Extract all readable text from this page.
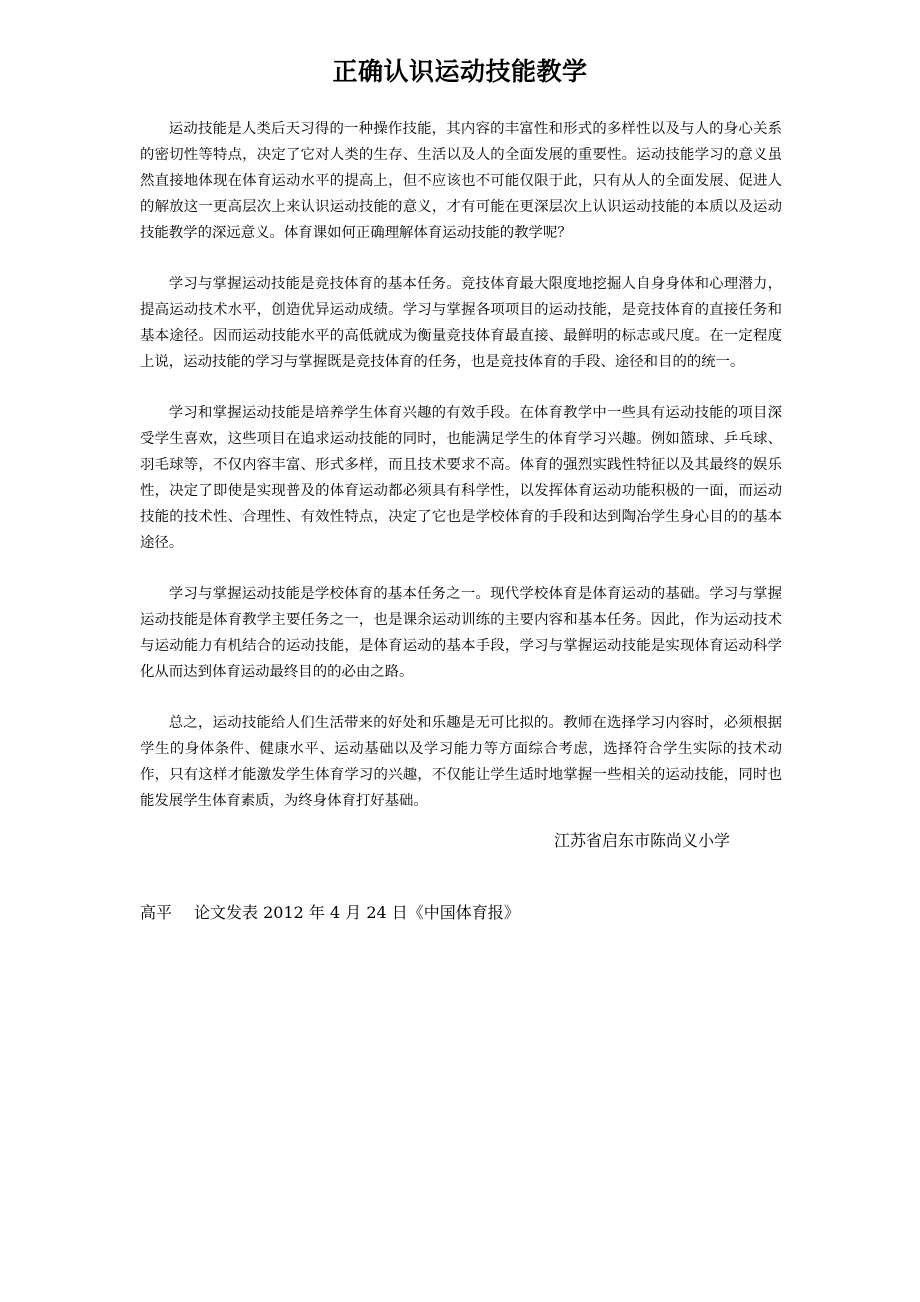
正确认识运动技能教学

运动技能是人类后天习得的一种操作技能，其内容的丰富性和形式的多样性以及与人的身心关系的密切性等特点，决定了它对人类的生存、生活以及人的全面发展的重要性。运动技能学习的意义虽然直接地体现在体育运动水平的提高上，但不应该也不可能仅限于此，只有从人的全面发展、促进人的解放这一更高层次上来认识运动技能的意义，才有可能在更深层次上认识运动技能的本质以及运动技能教学的深远意义。体育课如何正确理解体育运动技能的教学呢？

学习与掌握运动技能是竞技体育的基本任务。竞技体育最大限度地挖掘人自身身体和心理潜力，提高运动技术水平，创造优异运动成绩。学习与掌握各项项目的运动技能，是竞技体育的直接任务和基本途径。因而运动技能水平的高低就成为衡量竞技体育最直接、最鲜明的标志或尺度。在一定程度上说，运动技能的学习与掌握既是竞技体育的任务，也是竞技体育的手段、途径和目的的统一。

学习和掌握运动技能是培养学生体育兴趣的有效手段。在体育教学中一些具有运动技能的项目深受学生喜欢，这些项目在追求运动技能的同时，也能满足学生的体育学习兴趣。例如篮球、乒乓球、羽毛球等，不仅内容丰富、形式多样，而且技术要求不高。体育的强烈实践性特征以及其最终的娱乐性，决定了即使是实现普及的体育运动都必须具有科学性，以发挥体育运动功能积极的一面，而运动技能的技术性、合理性、有效性特点，决定了它也是学校体育的手段和达到陶冶学生身心目的的基本途径。

学习与掌握运动技能是学校体育的基本任务之一。现代学校体育是体育运动的基础。学习与掌握运动技能是体育教学主要任务之一，也是课余运动训练的主要内容和基本任务。因此，作为运动技术与运动能力有机结合的运动技能，是体育运动的基本手段，学习与掌握运动技能是实现体育运动科学化从而达到体育运动最终目的的必由之路。

总之，运动技能给人们生活带来的好处和乐趣是无可比拟的。教师在选择学习内容时，必须根据学生的身体条件、健康水平、运动基础以及学习能力等方面综合考虑，选择符合学生实际的技术动作，只有这样才能激发学生体育学习的兴趣，不仅能让学生适时地掌握一些相关的运动技能，同时也能发展学生体育素质，为终身体育打好基础。

江苏省启东市陈尚义小学
高平 论文发表 2012 年 4 月 24 日《中国体育报》
